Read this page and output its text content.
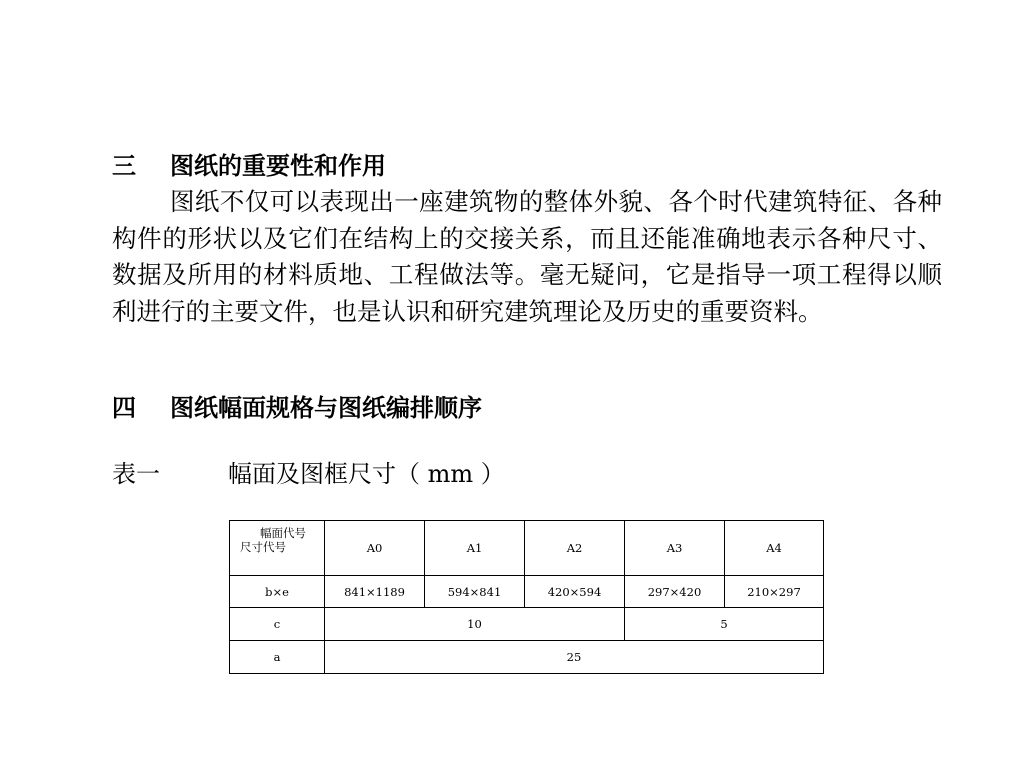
三 图纸的重要性和作用
图纸不仅可以表现出一座建筑物的整体外貌、各个时代建筑特征、各种构件的形状以及它们在结构上的交接关系，而且还能准确地表示各种尺寸、数据及所用的材料质地、工程做法等。毫无疑问，它是指导一项工程得以顺利进行的主要文件，也是认识和研究建筑理论及历史的重要资料。
四 图纸幅面规格与图纸编排顺序
表一	幅面及图框尺寸（ mm ）
幅面代号
尺寸代号	A0	A1	A2	A3	A4
b×e	841×1189	594×841	420×594	297×420	210×297
c	10			5	
a	25				
